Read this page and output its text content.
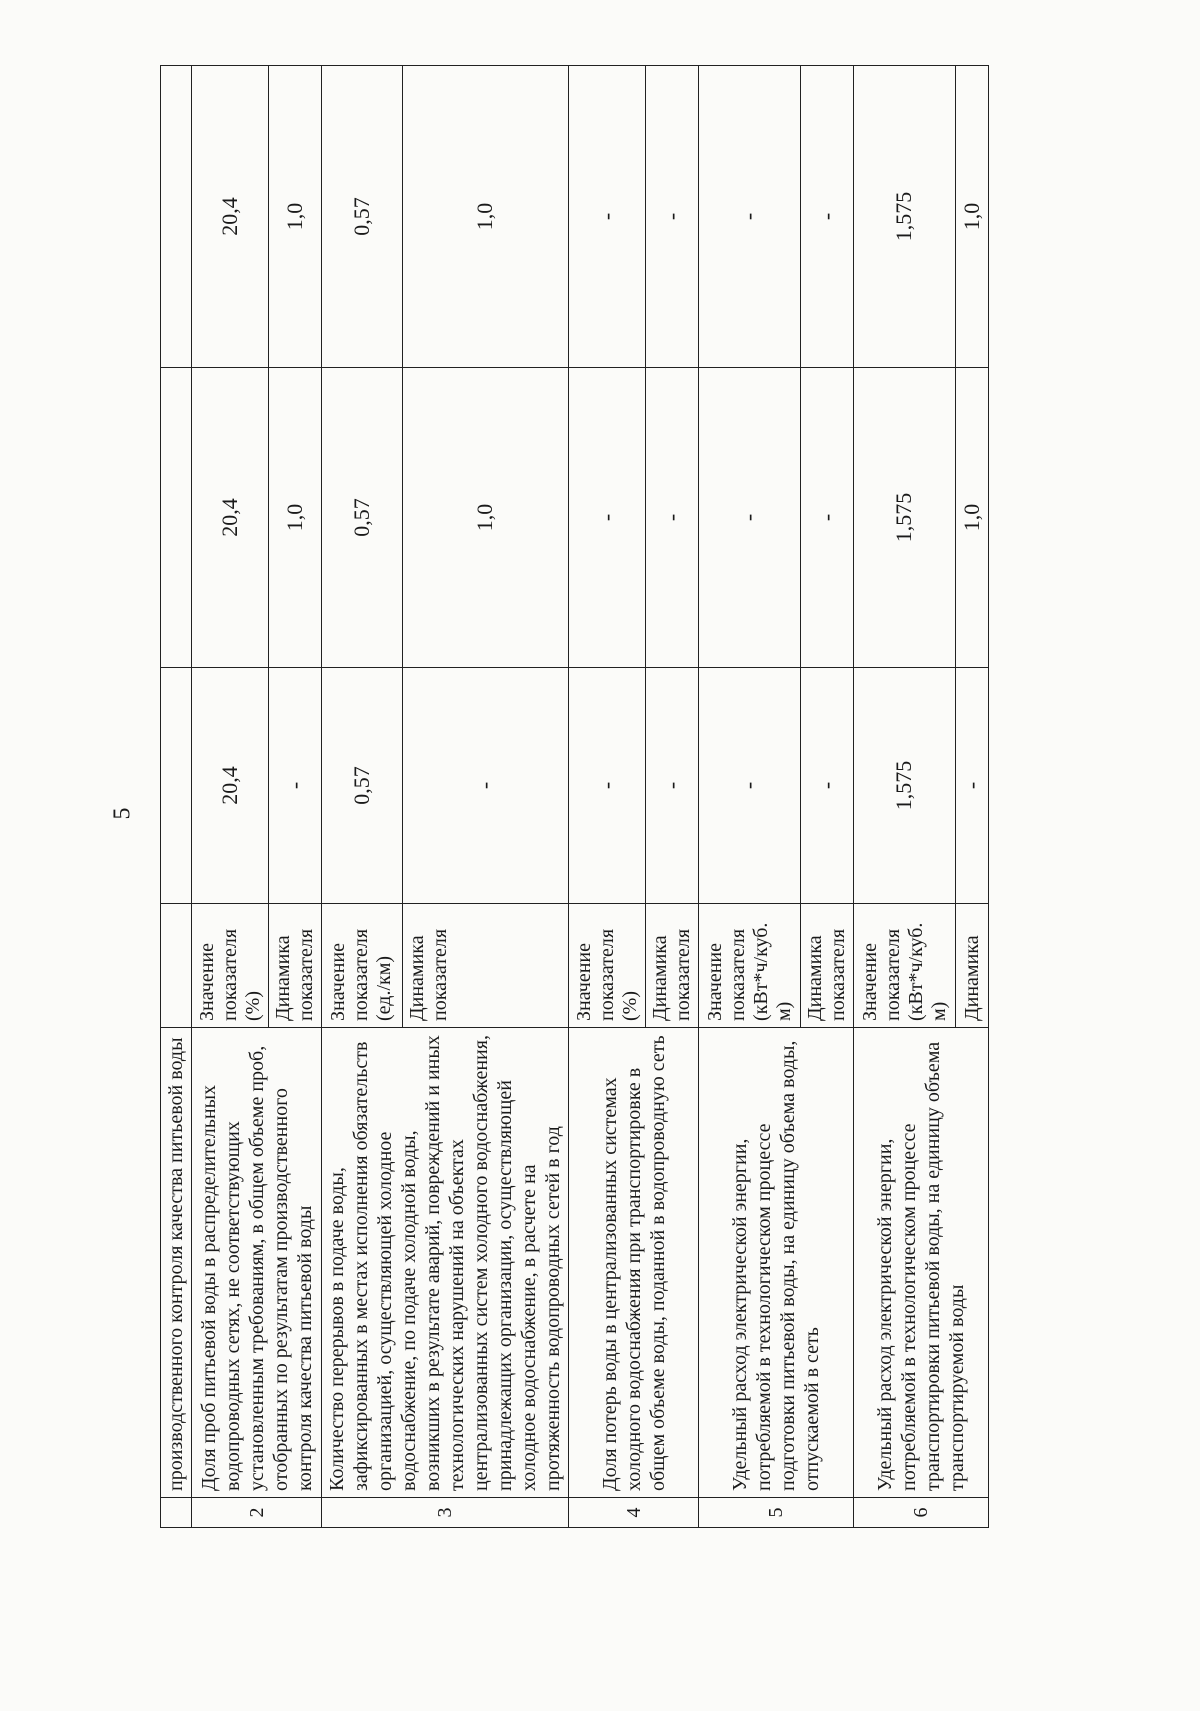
5
	производственного контроля качества питьевой воды				
2	Доля проб питьевой воды в распределительных водопроводных сетях, не соответствующих установленным требованиям, в общем объеме проб, отобранных по результатам производственного контроля качества питьевой воды	Значение показателя (%)	20,4	20,4	20,4
		Динамика показателя	-	1,0	1,0
3	Количество перерывов в подаче воды, зафиксированных в местах исполнения обязательств организацией, осуществляющей холодное водоснабжение, по подаче холодной воды, возникших в результате аварий, повреждений и иных технологических нарушений на объектах централизованных систем холодного водоснабжения, принадлежащих организации, осуществляющей холодное водоснабжение, в расчете на протяженность водопроводных сетей в год	Значение показателя (ед./км)	0,57	0,57	0,57
		Динамика показателя	-	1,0	1,0
4	Доля потерь воды в централизованных системах холодного водоснабжения при транспортировке в общем объеме воды, поданной в водопроводную сеть	Значение показателя (%)	-	-	-
		Динамика показателя	-	-	-
5	Удельный расход электрической энергии, потребляемой в технологическом процессе подготовки питьевой воды, на единицу объема воды, отпускаемой в сеть	Значение показателя (кВт*ч/куб. м)	-	-	-
		Динамика показателя	-	-	-
6	Удельный расход электрической энергии, потребляемой в технологическом процессе транспортировки питьевой воды, на единицу объема транспортируемой воды	Значение показателя (кВт*ч/куб. м)	1,575	1,575	1,575
		Динамика	-	1,0	1,0
